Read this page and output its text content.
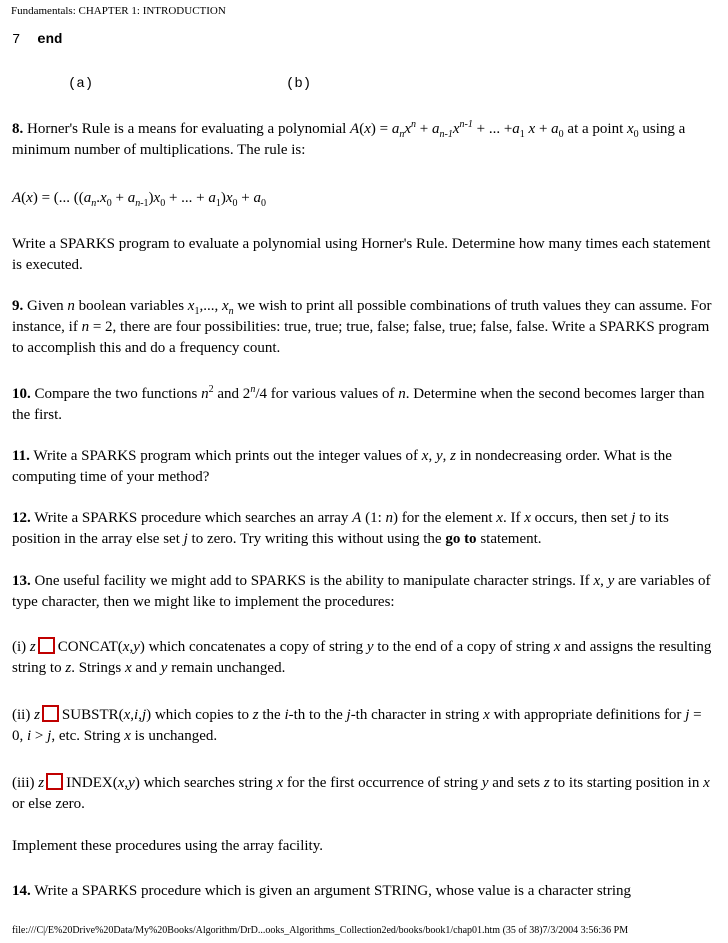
Fundamentals: CHAPTER 1: INTRODUCTION
7 end
(a)	(b)
8. Horner's Rule is a means for evaluating a polynomial $A(x) = a_nx^n + a_{n-1}x^{n-1}$ + ... $+a_1$ $x + a_0$ at a point $x_0$ using a minimum number of multiplications. The rule is:
A(x) = (... ($(a_n.x_0 + a_{n-1})x_0$ + ... + $a_1)x_0 + a_0$
Write a SPARKS program to evaluate a polynomial using Horner's Rule. Determine how many times each statement is executed.
9. Given n boolean variables $x_1$,..., $x_n$ we wish to print all possible combinations of truth values they can assume. For instance, if n = 2, there are four possibilities: true, true; true, false; false, true; false, false. Write a SPARKS program to accomplish this and do a frequency count.
10. Compare the two functions $n^2$ and 2$^n$/4 for various values of n. Determine when the second becomes larger than the first.
11. Write a SPARKS program which prints out the integer values of x, y, z in nondecreasing order. What is the computing time of your method?
12. Write a SPARKS procedure which searches an array A (1: n) for the element x. If x occurs, then set j to its position in the array else set j to zero. Try writing this without using the go to statement.
13. One useful facility we might add to SPARKS is the ability to manipulate character strings. If x, y are variables of type character, then we might like to implement the procedures:
(i) z CONCAT(x,y) which concatenates a copy of string y to the end of a copy of string x and assigns the resulting string to z. Strings x and y remain unchanged.
(ii) z SUBSTR(x,i,j) which copies to z the i-th to the j-th character in string x with appropriate definitions for j = 0, i > j, etc. String x is unchanged.
(iii) z INDEX(x,y) which searches string x for the first occurrence of string y and sets z to its starting position in x or else zero.
Implement these procedures using the array facility.
14. Write a SPARKS procedure which is given an argument STRING, whose value is a character string
file:///C|/E%20Drive%20Data/My%20Books/Algorithm/DrD...ooks_Algorithms_Collection2ed/books/book1/chap01.htm (35 of 38)7/3/2004 3:56:36 PM
